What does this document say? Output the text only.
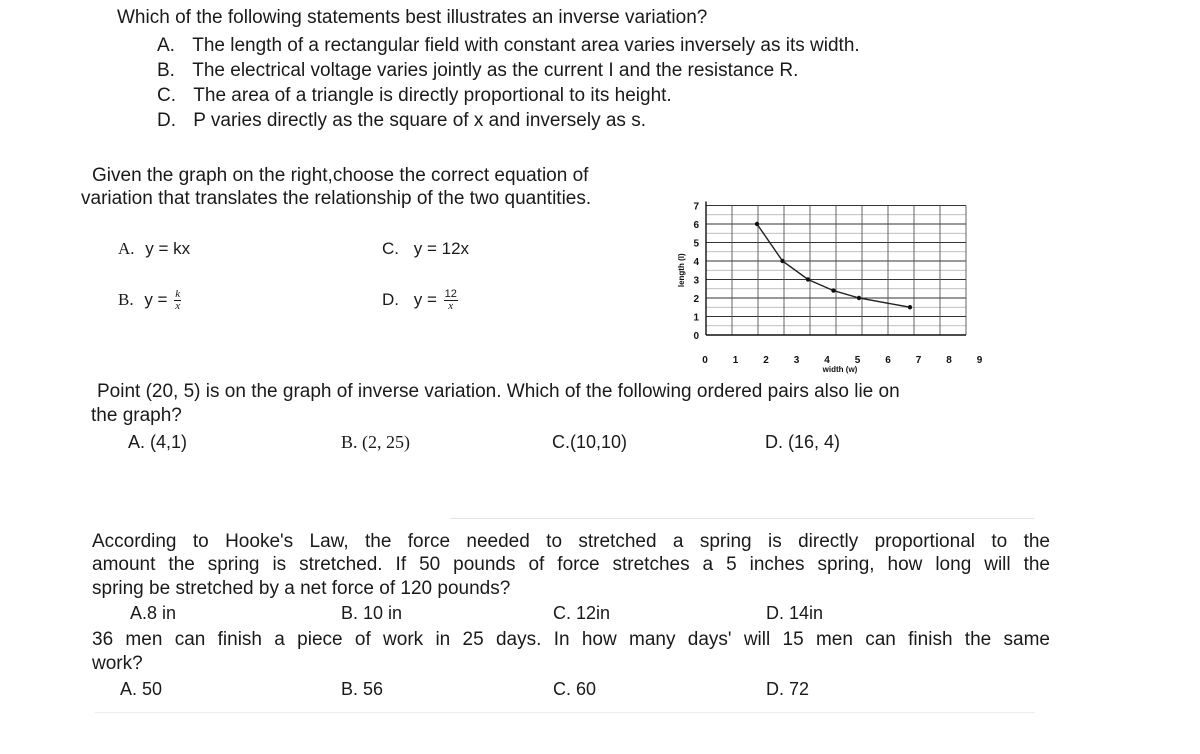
Which of the following statements best illustrates an inverse variation?
A. The length of a rectangular field with constant area varies inversely as its width.
B. The electrical voltage varies jointly as the current I and the resistance R.
C. The area of a triangle is directly proportional to its height.
D. P varies directly as the square of x and inversely as s.
Given the graph on the right,choose the correct equation of
variation that translates the relationship of the two quantities.
A. y = kx	C. y = 12x
B. $y = \frac{k}{x}$	D. $y = \frac{12}{x}$
0
1
2
3
4
5
6
7
0 1 2 3 4 5 6 7 8 9
width (w)
length (l)
Point (20, 5) is on the graph of inverse variation. Which of the following ordered pairs also lie on
the graph?
A. (4,1)	B. (2, 25)	C.(10,10)	D. (16, 4)
According to Hooke's Law, the force needed to stretched a spring is directly proportional to the
amount the spring is stretched. If 50 pounds of force stretches a 5 inches spring, how long will the
spring be stretched by a net force of 120 pounds?
A.8 in	B. 10 in	C. 12in	D. 14in
36 men can finish a piece of work in 25 days. In how many days' will 15 men can finish the same
work?
A. 50	B. 56	C. 60	D. 72
